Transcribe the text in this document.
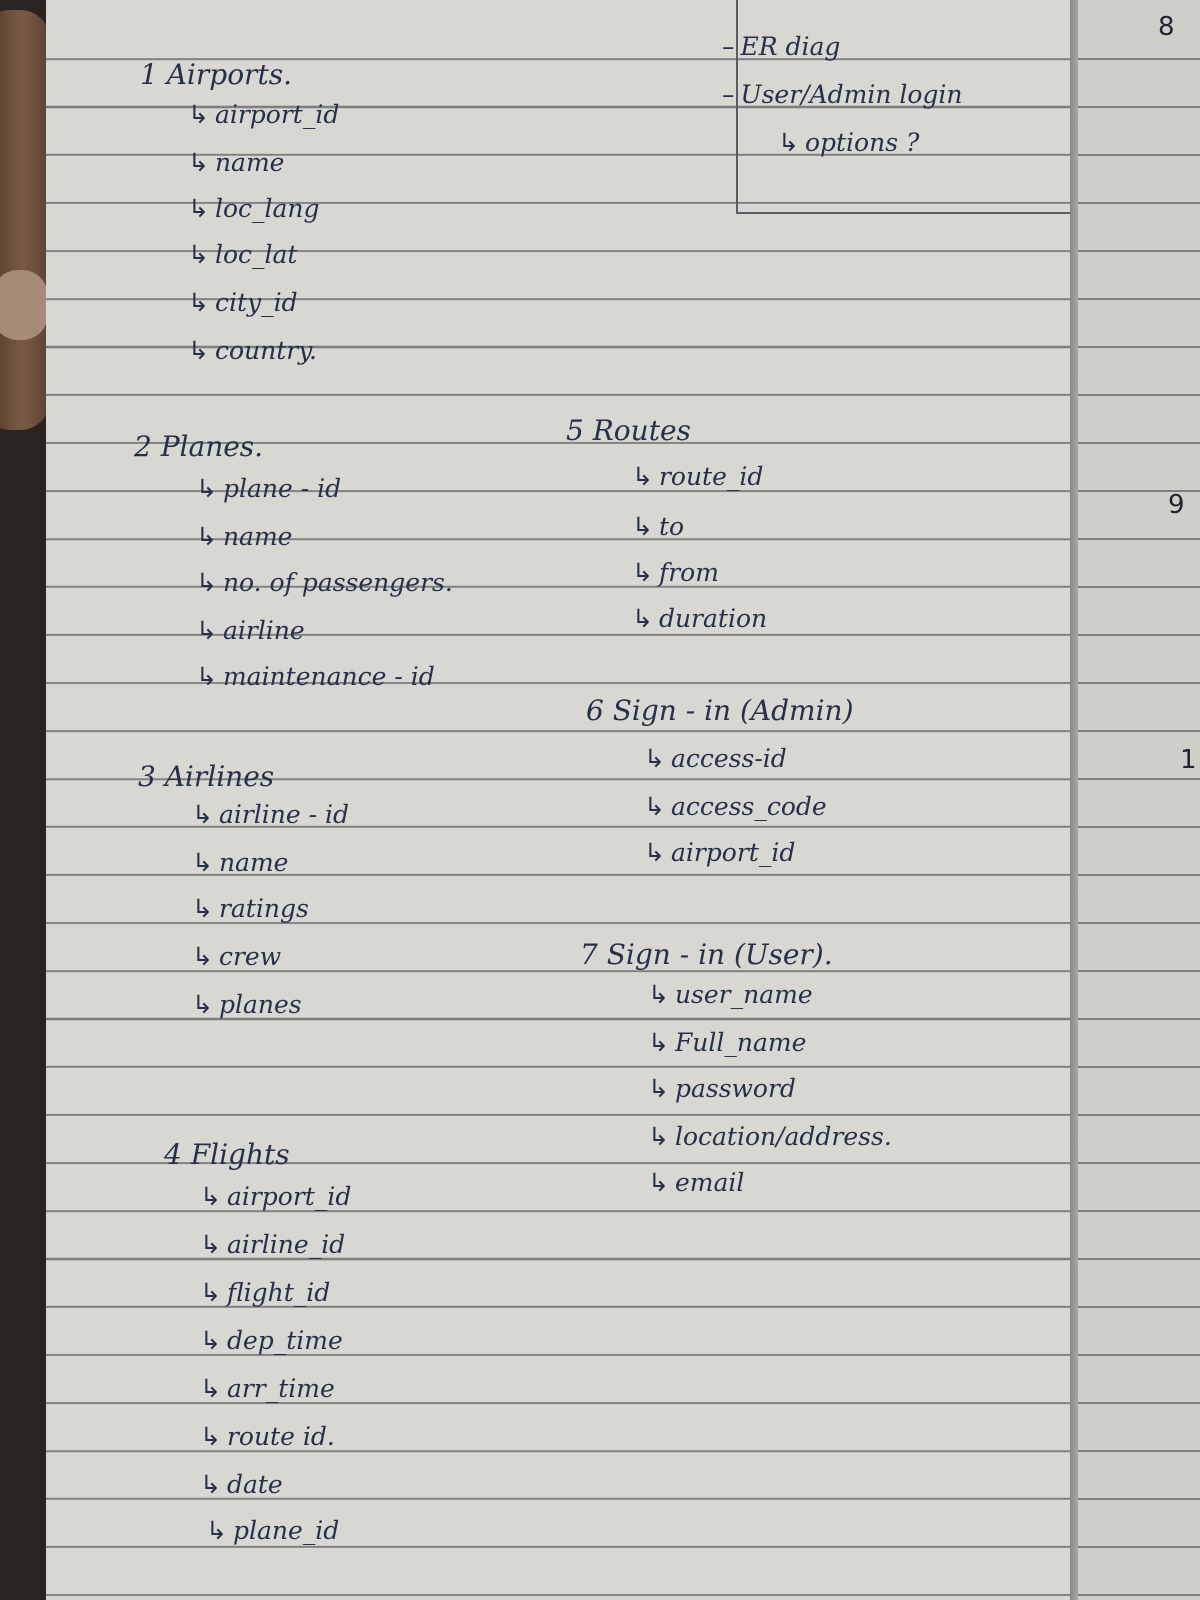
8
9
1
– ER diag
– User/Admin login
↳ options ?
1 Airports.
↳ airport_id
↳ name
↳ loc_lang
↳ loc_lat
↳ city_id
↳ country.
2 Planes.
↳ plane - id
↳ name
↳ no. of passengers.
↳ airline
↳ maintenance - id
3 Airlines
↳ airline - id
↳ name
↳ ratings
↳ crew
↳ planes
4 Flights
↳ airport_id
↳ airline_id
↳ flight_id
↳ dep_time
↳ arr_time
↳ route id.
↳ date
↳ plane_id
5 Routes
↳ route_id
↳ to
↳ from
↳ duration
6 Sign - in (Admin)
↳ access-id
↳ access_code
↳ airport_id
7 Sign - in (User).
↳ user_name
↳ Full_name
↳ password
↳ location/address.
↳ email
